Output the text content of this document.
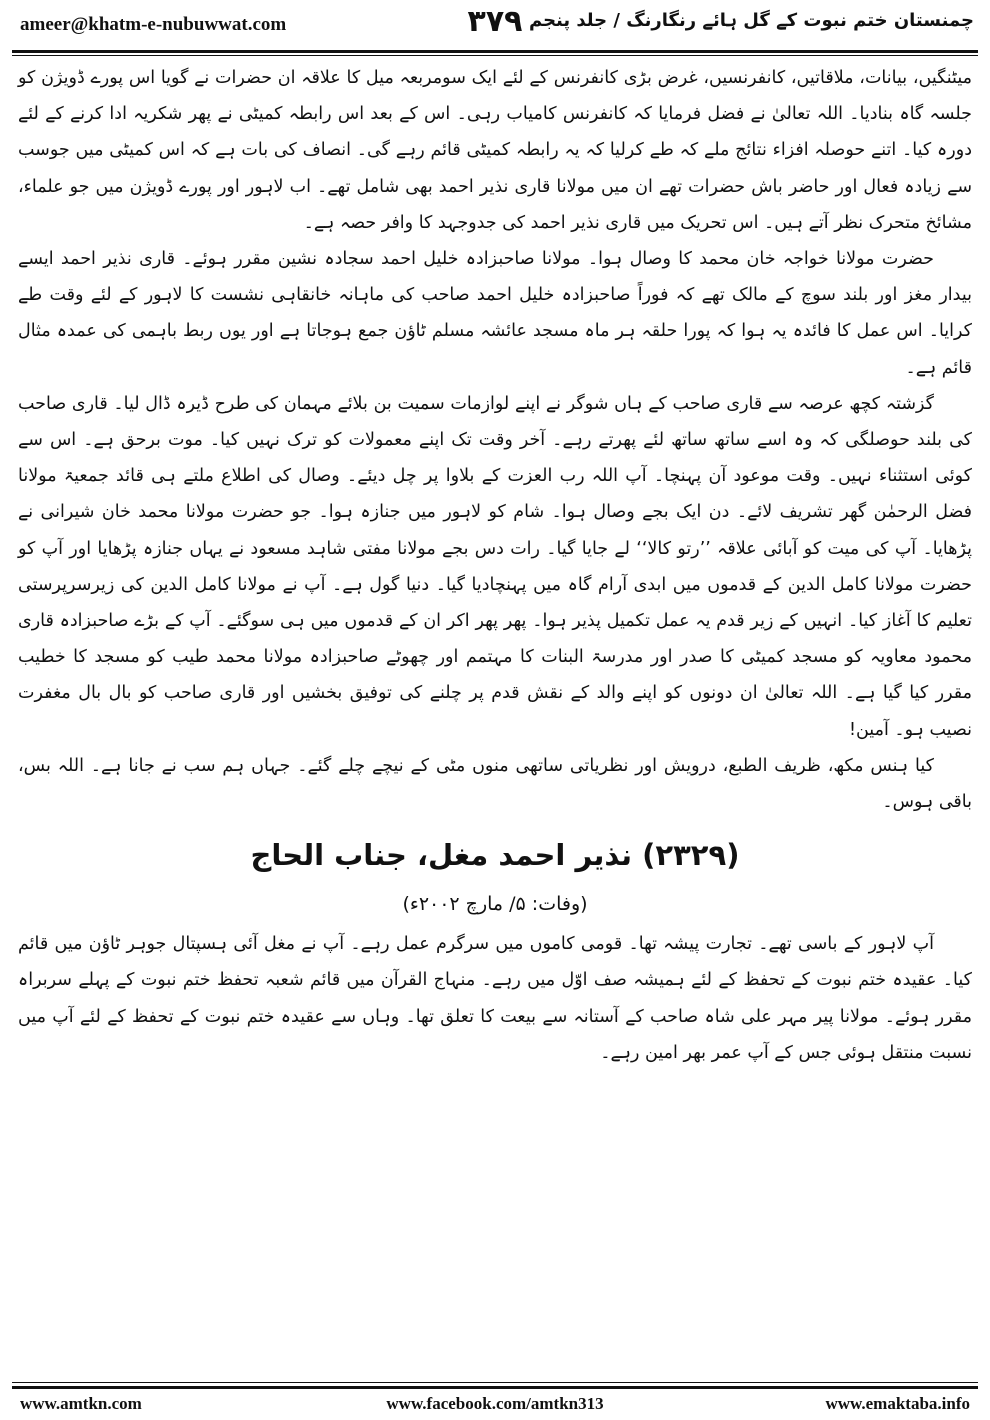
ameer@khatm-e-nubuwwat.com	۳۷۹ چمنستان ختم نبوت کے گل ہائے رنگارنگ / جلد پنجم

میٹنگیں، بیانات، ملاقاتیں، کانفرنسیں، غرض بڑی کانفرنس کے لئے ایک سومربعہ میل کا علاقہ ان حضرات نے گویا اس پورے ڈویژن کو جلسہ گاہ بنادیا۔ اللہ تعالیٰ نے فضل فرمایا کہ کانفرنس کامیاب رہی۔ اس کے بعد اس رابطہ کمیٹی نے پھر شکریہ ادا کرنے کے لئے دورہ کیا۔ اتنے حوصلہ افزاء نتائج ملے کہ طے کرلیا کہ یہ رابطہ کمیٹی قائم رہے گی۔ انصاف کی بات ہے کہ اس کمیٹی میں جوسب سے زیادہ فعال اور حاضر باش حضرات تھے ان میں مولانا قاری نذیر احمد بھی شامل تھے۔ اب لاہور اور پورے ڈویژن میں جو علماء، مشائخ متحرک نظر آتے ہیں۔ اس تحریک میں قاری نذیر احمد کی جدوجہد کا وافر حصہ ہے۔

حضرت مولانا خواجہ خان محمد کا وصال ہوا۔ مولانا صاحبزادہ خلیل احمد سجادہ نشین مقرر ہوئے۔ قاری نذیر احمد ایسے بیدار مغز اور بلند سوچ کے مالک تھے کہ فوراً صاحبزادہ خلیل احمد صاحب کی ماہانہ خانقاہی نشست کا لاہور کے لئے وقت طے کرایا۔ اس عمل کا فائدہ یہ ہوا کہ پورا حلقہ ہر ماہ مسجد عائشہ مسلم ٹاؤن جمع ہوجاتا ہے اور یوں ربط باہمی کی عمدہ مثال قائم ہے۔

گزشتہ کچھ عرصہ سے قاری صاحب کے ہاں شوگر نے اپنے لوازمات سمیت بن بلائے مہمان کی طرح ڈیرہ ڈال لیا۔ قاری صاحب کی بلند حوصلگی کہ وہ اسے ساتھ ساتھ لئے پھرتے رہے۔ آخر وقت تک اپنے معمولات کو ترک نہیں کیا۔ موت برحق ہے۔ اس سے کوئی استثناء نہیں۔ وقت موعود آن پہنچا۔ آپ اللہ رب العزت کے بلاوا پر چل دیئے۔ وصال کی اطلاع ملتے ہی قائد جمعیۃ مولانا فضل الرحمٰن گھر تشریف لائے۔ دن ایک بجے وصال ہوا۔ شام کو لاہور میں جنازہ ہوا۔ جو حضرت مولانا محمد خان شیرانی نے پڑھایا۔ آپ کی میت کو آبائی علاقہ ’’رتو کالا‘‘ لے جایا گیا۔ رات دس بجے مولانا مفتی شاہد مسعود نے یہاں جنازہ پڑھایا اور آپ کو حضرت مولانا کامل الدین کے قدموں میں ابدی آرام گاہ میں پہنچادیا گیا۔ دنیا گول ہے۔ آپ نے مولانا کامل الدین کی زیرسرپرستی تعلیم کا آغاز کیا۔ انہیں کے زیر قدم یہ عمل تکمیل پذیر ہوا۔ پھر پھر اکر ان کے قدموں میں ہی سوگئے۔ آپ کے بڑے صاحبزادہ قاری محمود معاویہ کو مسجد کمیٹی کا صدر اور مدرسۃ البنات کا مہتمم اور چھوٹے صاحبزادہ مولانا محمد طیب کو مسجد کا خطیب مقرر کیا گیا ہے۔ اللہ تعالیٰ ان دونوں کو اپنے والد کے نقش قدم پر چلنے کی توفیق بخشیں اور قاری صاحب کو بال بال مغفرت نصیب ہو۔ آمین!

کیا ہنس مکھ، ظریف الطبع، درویش اور نظریاتی ساتھی منوں مٹی کے نیچے چلے گئے۔ جہاں ہم سب نے جانا ہے۔ اللہ بس، باقی ہوس۔

(۲۳۲۹) نذیر احمد مغل، جناب الحاج
(وفات: ۵/ مارچ ۲۰۰۲ء)

آپ لاہور کے باسی تھے۔ تجارت پیشہ تھا۔ قومی کاموں میں سرگرم عمل رہے۔ آپ نے مغل آئی ہسپتال جوہر ٹاؤن میں قائم کیا۔ عقیدہ ختم نبوت کے تحفظ کے لئے ہمیشہ صف اوّل میں رہے۔ منہاج القرآن میں قائم شعبہ تحفظ ختم نبوت کے پہلے سربراہ مقرر ہوئے۔ مولانا پیر مہر علی شاہ صاحب کے آستانہ سے بیعت کا تعلق تھا۔ وہاں سے عقیدہ ختم نبوت کے تحفظ کے لئے آپ میں نسبت منتقل ہوئی جس کے آپ عمر بھر امین رہے۔

www.amtkn.com	www.facebook.com/amtkn313	www.emaktaba.info
